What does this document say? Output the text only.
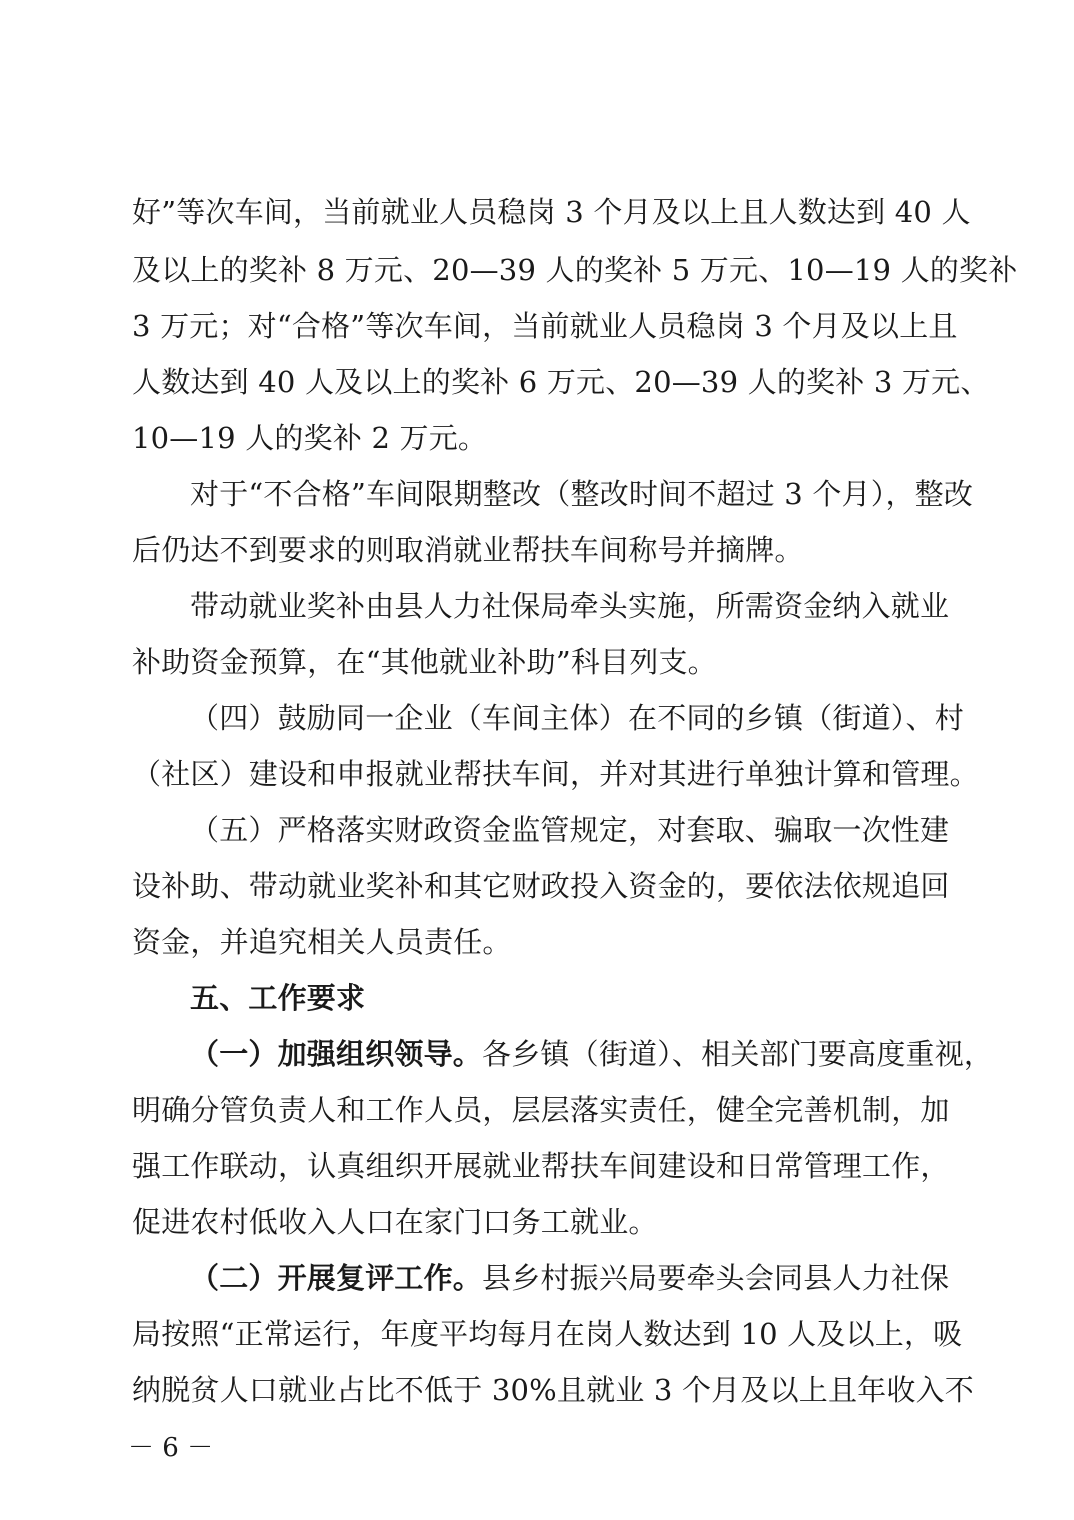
好”等次车间，当前就业人员稳岗 3 个月及以上且人数达到 40 人
及以上的奖补 8 万元、20—39 人的奖补 5 万元、10—19 人的奖补
3 万元；对“合格”等次车间，当前就业人员稳岗 3 个月及以上且
人数达到 40 人及以上的奖补 6 万元、20—39 人的奖补 3 万元、
10—19 人的奖补 2 万元。
对于“不合格”车间限期整改（整改时间不超过 3 个月），整改
后仍达不到要求的则取消就业帮扶车间称号并摘牌。
带动就业奖补由县人力社保局牵头实施，所需资金纳入就业
补助资金预算，在“其他就业补助”科目列支。
（四）鼓励同一企业（车间主体）在不同的乡镇（街道）、村
（社区）建设和申报就业帮扶车间，并对其进行单独计算和管理。
（五）严格落实财政资金监管规定，对套取、骗取一次性建
设补助、带动就业奖补和其它财政投入资金的，要依法依规追回
资金，并追究相关人员责任。
五、工作要求
（一）加强组织领导。各乡镇（街道）、相关部门要高度重视，
明确分管负责人和工作人员，层层落实责任，健全完善机制，加
强工作联动，认真组织开展就业帮扶车间建设和日常管理工作，
促进农村低收入人口在家门口务工就业。
（二）开展复评工作。县乡村振兴局要牵头会同县人力社保
局按照“正常运行，年度平均每月在岗人数达到 10 人及以上，吸
纳脱贫人口就业占比不低于 30%且就业 3 个月及以上且年收入不
－ 6 －
